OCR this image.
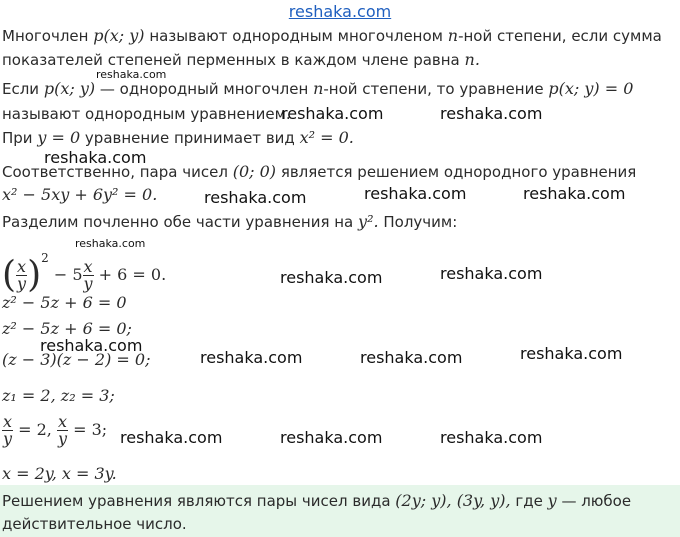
reshaka.com
Многочлен p(x; y) называют однородным многочленом n-ной степени, если сумма
показателей степеней перменных в каждом члене равна n.
Если p(x; y) — однородный многочлен n-ной степени, то уравнение p(x; y) = 0
называют однородным уравнением.
При y = 0 уравнение принимает вид x² = 0.
Соответственно, пара чисел (0; 0) является решением однородного уравнения
x² − 5xy + 6y² = 0.
Разделим почленно обе части уравнения на y². Получим:
( $\frac{x}{y} )^2 - 5 \frac{x}{y} + 6 = 0$.
z² − 5z + 6 = 0
z² − 5z + 6 = 0;
(z − 3)(z − 2) = 0;
z₁ = 2, z₂ = 3;
$\frac{x}{y} = 2$, $\frac{x}{y} = 3$;
x = 2y, x = 3y.
Решением уравнения являются пары чисел вида (2y; y), (3y, y), где y — любое
действительное число.
reshaka.com
reshaka.com	reshaka.com
reshaka.com
reshaka.com	reshaka.com	reshaka.com
reshaka.com
reshaka.com	reshaka.com
reshaka.com
reshaka.com	reshaka.com	reshaka.com
reshaka.com	reshaka.com	reshaka.com
